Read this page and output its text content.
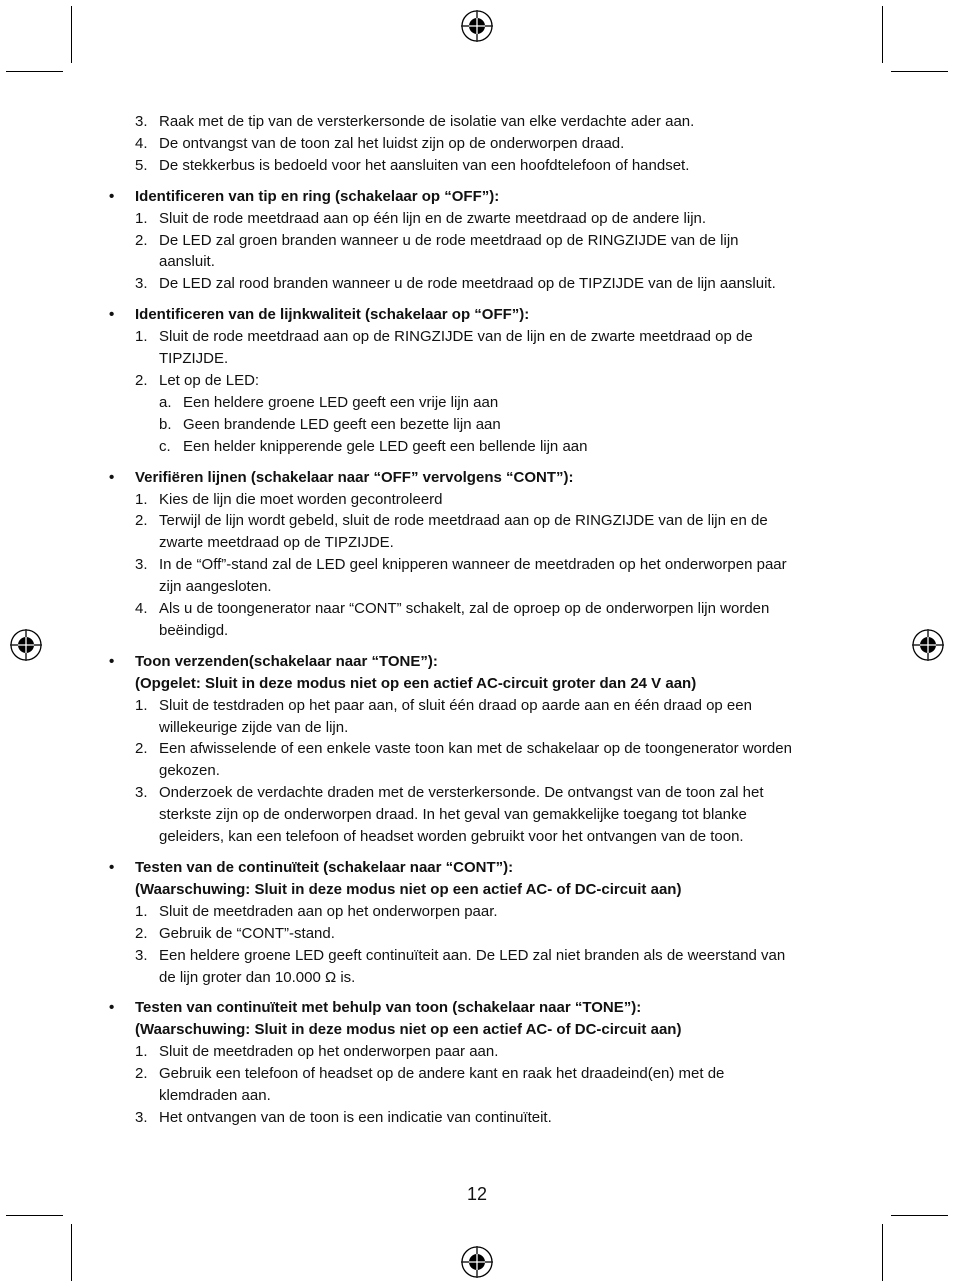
3. Raak met de tip van de versterkersonde de isolatie van elke verdachte ader aan.
4. De ontvangst van de toon zal het luidst zijn op de onderworpen draad.
5. De stekkerbus is bedoeld voor het aansluiten van een hoofdtelefoon of handset.
• Identificeren van tip en ring (schakelaar op “OFF”):
1. Sluit de rode meetdraad aan op één lijn en de zwarte meetdraad op de andere lijn.
2. De LED zal groen branden wanneer u de rode meetdraad op de RINGZIJDE van de lijn
aansluit.
3. De LED zal rood branden wanneer u de rode meetdraad op de TIPZIJDE van de lijn aansluit.
• Identificeren van de lijnkwaliteit (schakelaar op “OFF”):
1. Sluit de rode meetdraad aan op de RINGZIJDE van de lijn en de zwarte meetdraad op de
TIPZIJDE.
2. Let op de LED:
a. Een heldere groene LED geeft een vrije lijn aan
b. Geen brandende LED geeft een bezette lijn aan
c. Een helder knipperende gele LED geeft een bellende lijn aan
• Verifiëren lijnen (schakelaar naar “OFF” vervolgens “CONT”):
1. Kies de lijn die moet worden gecontroleerd
2. Terwijl de lijn wordt gebeld, sluit de rode meetdraad aan op de RINGZIJDE van de lijn en de
zwarte meetdraad op de TIPZIJDE.
3. In de “Off”-stand zal de LED geel knipperen wanneer de meetdraden op het onderworpen paar
zijn aangesloten.
4. Als u de toongenerator naar “CONT” schakelt, zal de oproep op de onderworpen lijn worden
beëindigd.
• Toon verzenden(schakelaar naar “TONE”):
(Opgelet: Sluit in deze modus niet op een actief AC-circuit groter dan 24 V aan)
1. Sluit de testdraden op het paar aan, of sluit één draad op aarde aan en één draad op een
willekeurige zijde van de lijn.
2. Een afwisselende of een enkele vaste toon kan met de schakelaar op de toongenerator worden
gekozen.
3. Onderzoek de verdachte draden met de versterkersonde. De ontvangst van de toon zal het
sterkste zijn op de onderworpen draad. In het geval van gemakkelijke toegang tot blanke
geleiders, kan een telefoon of headset worden gebruikt voor het ontvangen van de toon.
• Testen van de continuïteit (schakelaar naar “CONT”):
(Waarschuwing: Sluit in deze modus niet op een actief AC- of DC-circuit aan)
1. Sluit de meetdraden aan op het onderworpen paar.
2. Gebruik de “CONT”-stand.
3. Een heldere groene LED geeft continuïteit aan. De LED zal niet branden als de weerstand van
de lijn groter dan 10.000 Ω is.
• Testen van continuïteit met behulp van toon (schakelaar naar “TONE”):
(Waarschuwing: Sluit in deze modus niet op een actief AC- of DC-circuit aan)
1. Sluit de meetdraden op het onderworpen paar aan.
2. Gebruik een telefoon of headset op de andere kant en raak het draadeind(en) met de
klemdraden aan.
3. Het ontvangen van de toon is een indicatie van continuïteit.
12
